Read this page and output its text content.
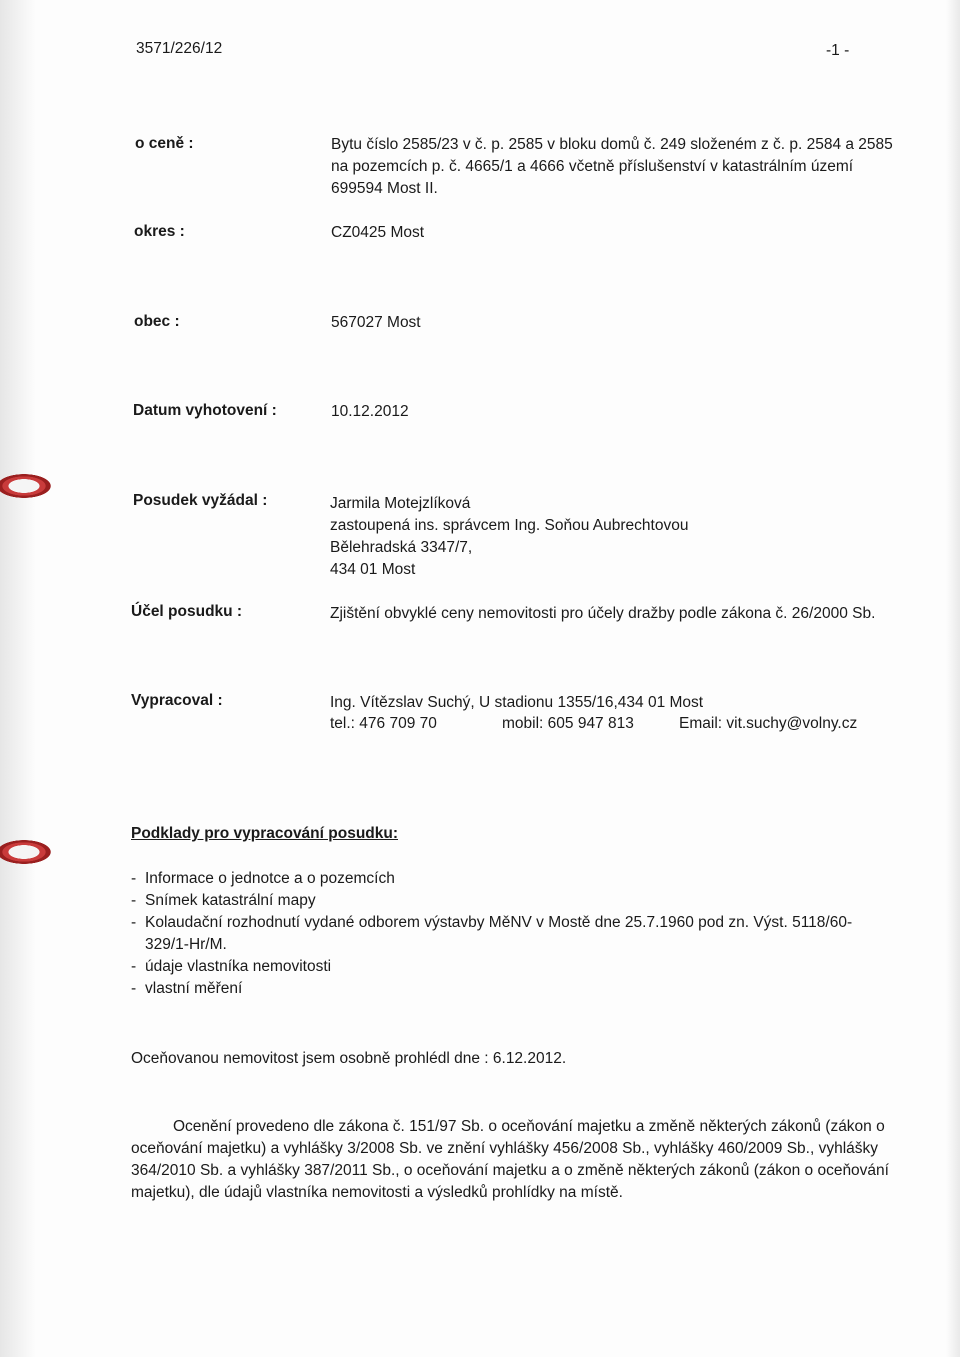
3571/226/12	-1 -
o ceně :	Bytu číslo 2585/23 v č. p. 2585 v bloku domů č. 249 složeném z č. p. 2584 a 2585 na pozemcích p. č. 4665/1 a 4666 včetně příslušenství v katastrálním území 699594 Most II.
okres :	CZ0425 Most
obec :	567027 Most
Datum vyhotovení :	10.12.2012
Posudek vyžádal :	Jarmila Motejzlíková
zastoupená ins. správcem Ing. Soňou Aubrechtovou
Bělehradská 3347/7,
434 01 Most
Účel posudku :	Zjištění obvyklé ceny nemovitosti pro účely dražby podle zákona č. 26/2000 Sb.
Vypracoval :	Ing. Vítězslav Suchý, U stadionu 1355/16,434 01 Most
tel.: 476 709 70	mobil: 605 947 813	Email: vit.suchy@volny.cz
Podklady pro vypracování posudku:
- Informace o jednotce a o pozemcích
- Snímek katastrální mapy
- Kolaudační rozhodnutí vydané odborem výstavby MěNV v Mostě dne 25.7.1960 pod zn. Výst. 5118/60-329/1-Hr/M.
- údaje vlastníka nemovitosti
- vlastní měření
Oceňovanou nemovitost jsem osobně prohlédl dne : 6.12.2012.
Ocenění provedeno dle zákona č. 151/97 Sb. o oceňování majetku a změně některých zákonů (zákon o oceňování majetku) a vyhlášky 3/2008 Sb. ve znění vyhlášky 456/2008 Sb., vyhlášky 460/2009 Sb., vyhlášky 364/2010 Sb. a vyhlášky 387/2011 Sb., o oceňování majetku a o změně některých zákonů (zákon o oceňování majetku), dle údajů vlastníka nemovitosti a výsledků prohlídky na místě.
